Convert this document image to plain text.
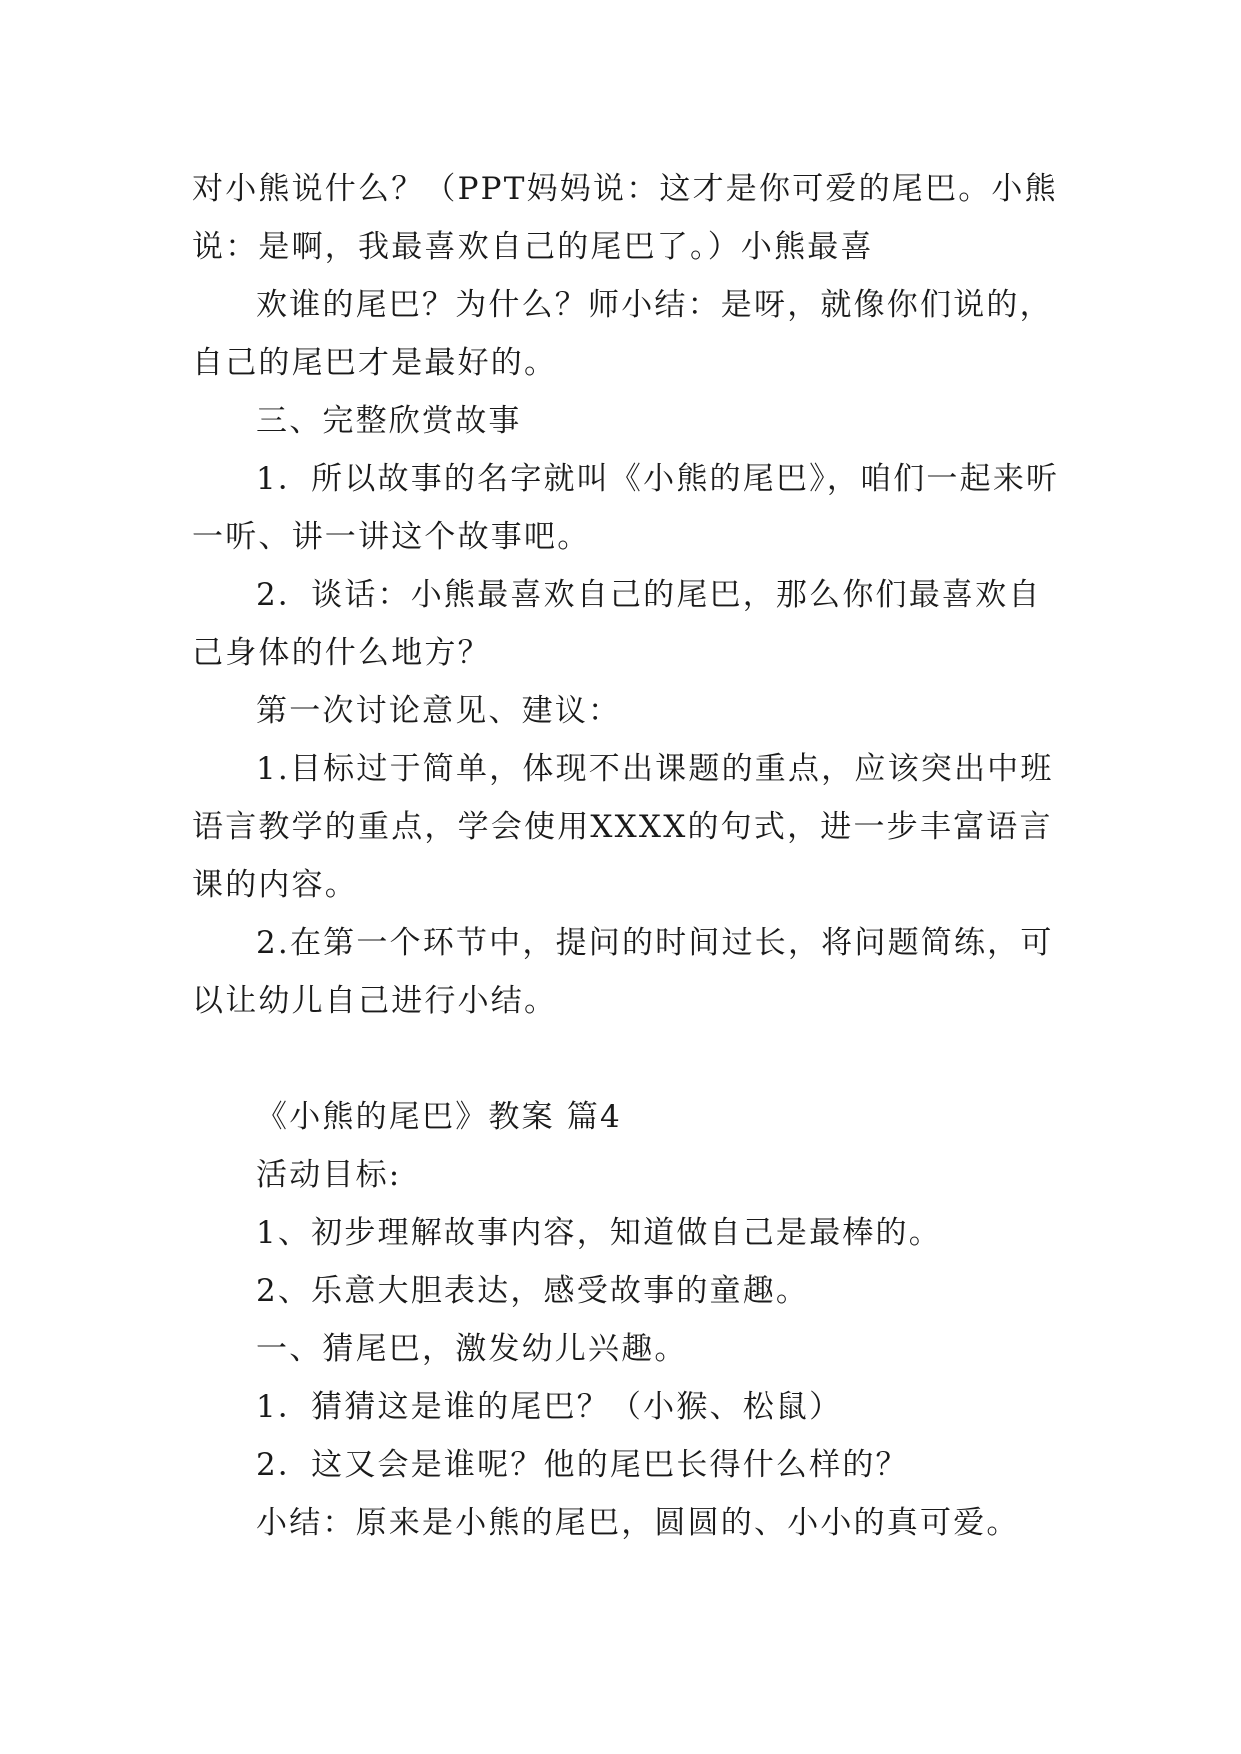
对小熊说什么？（PPT妈妈说：这才是你可爱的尾巴。小熊说：是啊，我最喜欢自己的尾巴了。）小熊最喜

欢谁的尾巴？为什么？师小结：是呀，就像你们说的，自己的尾巴才是最好的。

三、完整欣赏故事

1．所以故事的名字就叫《小熊的尾巴》，咱们一起来听一听、讲一讲这个故事吧。

2．谈话：小熊最喜欢自己的尾巴，那么你们最喜欢自己身体的什么地方？

第一次讨论意见、建议：

1.目标过于简单，体现不出课题的重点，应该突出中班语言教学的重点，学会使用XXXX的句式，进一步丰富语言课的内容。

2.在第一个环节中，提问的时间过长，将问题简练，可以让幼儿自己进行小结。

《小熊的尾巴》教案 篇4

活动目标:

1、初步理解故事内容，知道做自己是最棒的。

2、乐意大胆表达，感受故事的童趣。

一、猜尾巴，激发幼儿兴趣。

1．猜猜这是谁的尾巴？（小猴、松鼠）

2．这又会是谁呢？他的尾巴长得什么样的？

小结：原来是小熊的尾巴，圆圆的、小小的真可爱。
